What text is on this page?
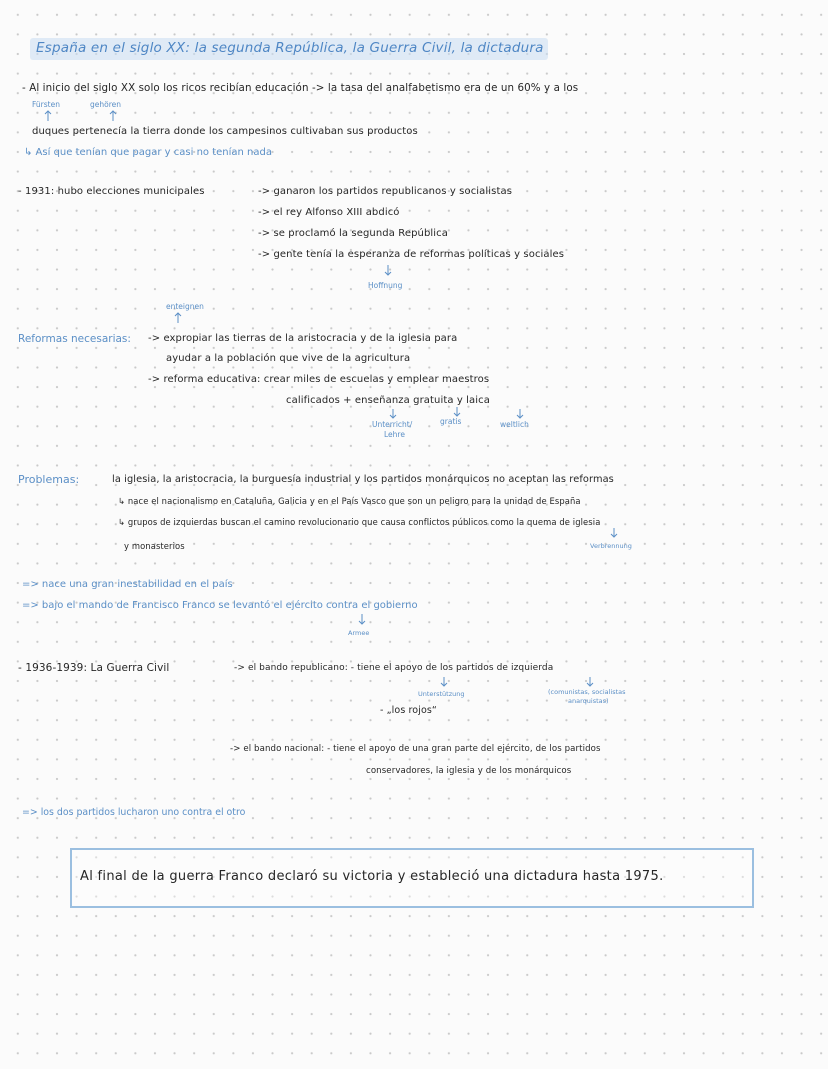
España en el siglo XX: la segunda República, la Guerra Civil, la dictadura
- Al inicio del siglo XX solo los ricos recibían educación -> la tasa del analfabetismo era de un 60% y a los
Fürsten	gehören
duques pertenecía la tierra donde los campesinos cultivaban sus productos
↳ Así que tenían que pagar y casi no tenían nada
- 1931: hubo elecciones municipales	-> ganaron los partidos republicanos y socialistas
-> el rey Alfonso XIII abdicó
-> se proclamó la segunda República
-> gente tenía la esperanza de reformas políticas y sociales
Hoffnung
enteignen
Reformas necesarias: -> expropiar las tierras de la aristocracia y de la iglesia para
ayudar a la población que vive de la agricultura
-> reforma educativa: crear miles de escuelas y emplear maestros
calificados + enseñanza gratuita y laica
Unterricht/
Lehre
gratis	weltlich
Problemas:	la iglesia, la aristocracia, la burguesía industrial y los partidos monárquicos no aceptan las reformas
↳ nace el nacionalismo en Cataluña, Galicia y en el País Vasco que son un peligro para la unidad de España
↳ grupos de izquierdas buscan el camino revolucionario que causa conflictos públicos como la quema de iglesia
y monasterios	Verbrennung
=> nace una gran inestabilidad en el país
=> bajo el mando de Francisco Franco se levantó el ejército contra el gobierno
Armee
- 1936-1939: La Guerra Civil	-> el bando republicano: - tiene el apoyo de los partidos de izquierda
Unterstützung	(comunistas, socialistas
anarquistas)
- „los rojos“
-> el bando nacional: - tiene el apoyo de una gran parte del ejército, de los partidos
conservadores, la iglesia y de los monárquicos
=> los dos partidos lucharon uno contra el otro
Al final de la guerra Franco declaró su victoria y estableció una dictadura hasta 1975.
